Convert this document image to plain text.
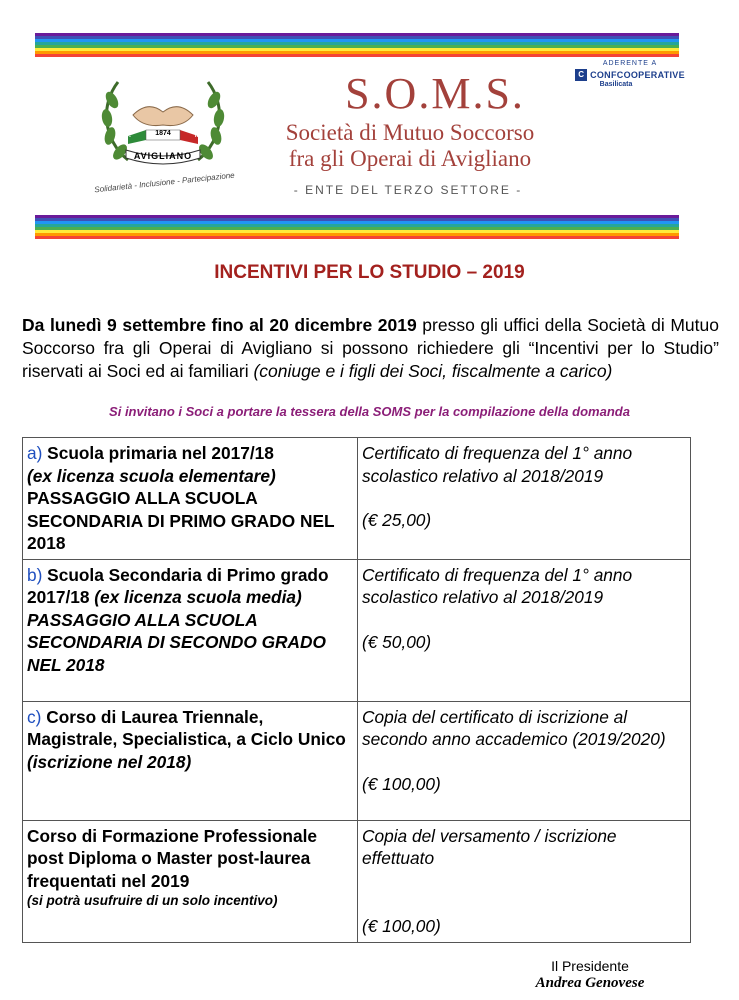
1874
S.O.	M.S.
AVIGLIANO
Solidarietà - Inclusione - Partecipazione
S.O.M.S.
Società di Mutuo Soccorso
fra gli Operai di Avigliano
- ENTE DEL TERZO SETTORE -
ADERENTE A
C CONFCOOPERATIVE
Basilicata
INCENTIVI PER LO STUDIO – 2019

Da lunedì 9 settembre fino al 20 dicembre 2019 presso gli uffici della Società di Mutuo Soccorso fra gli Operai di Avigliano si possono richiedere gli “Incentivi per lo Studio” riservati ai Soci ed ai familiari (coniuge e i figli dei Soci, fiscalmente a carico)

Si invitano i Soci a portare la tessera della SOMS per la compilazione della domanda
a) Scuola primaria nel 2017/18
(ex licenza scuola elementare)
PASSAGGIO ALLA SCUOLA SECONDARIA DI PRIMO GRADO NEL 2018	Certificato di frequenza del 1° anno scolastico relativo al 2018/2019
(€ 25,00)
b) Scuola Secondaria di Primo grado 2017/18 (ex licenza scuola media)
PASSAGGIO ALLA SCUOLA SECONDARIA DI SECONDO GRADO NEL 2018	Certificato di frequenza del 1° anno scolastico relativo al 2018/2019
(€ 50,00)
c) Corso di Laurea Triennale, Magistrale, Specialistica, a Ciclo Unico
(iscrizione nel 2018)	Copia del certificato di iscrizione al secondo anno accademico (2019/2020)
(€ 100,00)
Corso di Formazione Professionale post Diploma o Master post-laurea frequentati nel 2019
(si potrà usufruire di un solo incentivo)	Copia del versamento / iscrizione effettuato
(€ 100,00)
Il Presidente
Andrea Genovese
